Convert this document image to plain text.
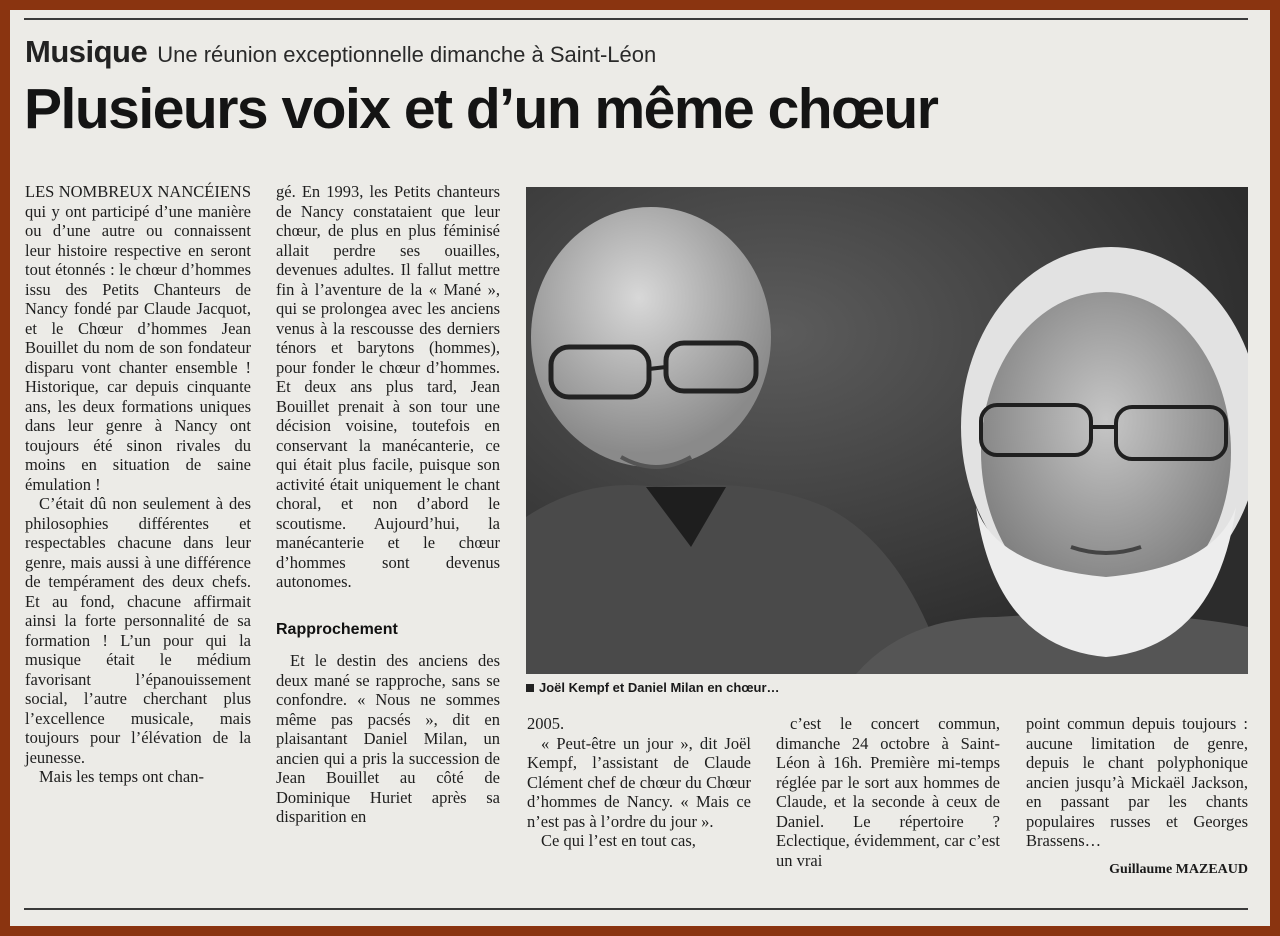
Musique Une réunion exceptionnelle dimanche à Saint-Léon
Plusieurs voix et d’un même chœur

LES NOMBREUX NANCÉIENS qui y ont participé d’une manière ou d’une autre ou connaissent leur histoire respective en seront tout étonnés : le chœur d’hommes issu des Petits Chanteurs de Nancy fondé par Claude Jacquot, et le Chœur d’hommes Jean Bouillet du nom de son fondateur disparu vont chanter ensemble ! Historique, car depuis cinquante ans, les deux formations uniques dans leur genre à Nancy ont toujours été sinon rivales du moins en situation de saine émulation !

C’était dû non seulement à des philosophies différentes et respectables chacune dans leur genre, mais aussi à une différence de tempérament des deux chefs. Et au fond, chacune affirmait ainsi la forte personnalité de sa formation ! L’un pour qui la musique était le médium favorisant l’épanouissement social, l’autre cherchant plus l’excellence musicale, mais toujours pour l’élévation de la jeunesse.

Mais les temps ont chan-

gé. En 1993, les Petits chanteurs de Nancy constataient que leur chœur, de plus en plus féminisé allait perdre ses ouailles, devenues adultes. Il fallut mettre fin à l’aventure de la « Mané », qui se prolongea avec les anciens venus à la rescousse des derniers ténors et barytons (hommes), pour fonder le chœur d’hommes. Et deux ans plus tard, Jean Bouillet prenait à son tour une décision voisine, toutefois en conservant la manécanterie, ce qui était plus facile, puisque son activité était uniquement le chant choral, et non d’abord le scoutisme. Aujourd’hui, la manécanterie et le chœur d’hommes sont devenus autonomes.

Rapprochement

Et le destin des anciens des deux mané se rapproche, sans se confondre. « Nous ne sommes même pas pacsés », dit en plaisantant Daniel Milan, un ancien qui a pris la succession de Jean Bouillet au côté de Dominique Huriet après sa disparition en

Joël Kempf et Daniel Milan en chœur…

2005.

« Peut-être un jour », dit Joël Kempf, l’assistant de Claude Clément chef de chœur du Chœur d’hommes de Nancy. « Mais ce n’est pas à l’ordre du jour ».

Ce qui l’est en tout cas,

c’est le concert commun, dimanche 24 octobre à Saint-Léon à 16h. Première mi-temps réglée par le sort aux hommes de Claude, et la seconde à ceux de Daniel. Le répertoire ? Eclectique, évidemment, car c’est un vrai

point commun depuis toujours : aucune limitation de genre, depuis le chant polyphonique ancien jusqu’à Mickaël Jackson, en passant par les chants populaires russes et Georges Brassens…

Guillaume MAZEAUD
